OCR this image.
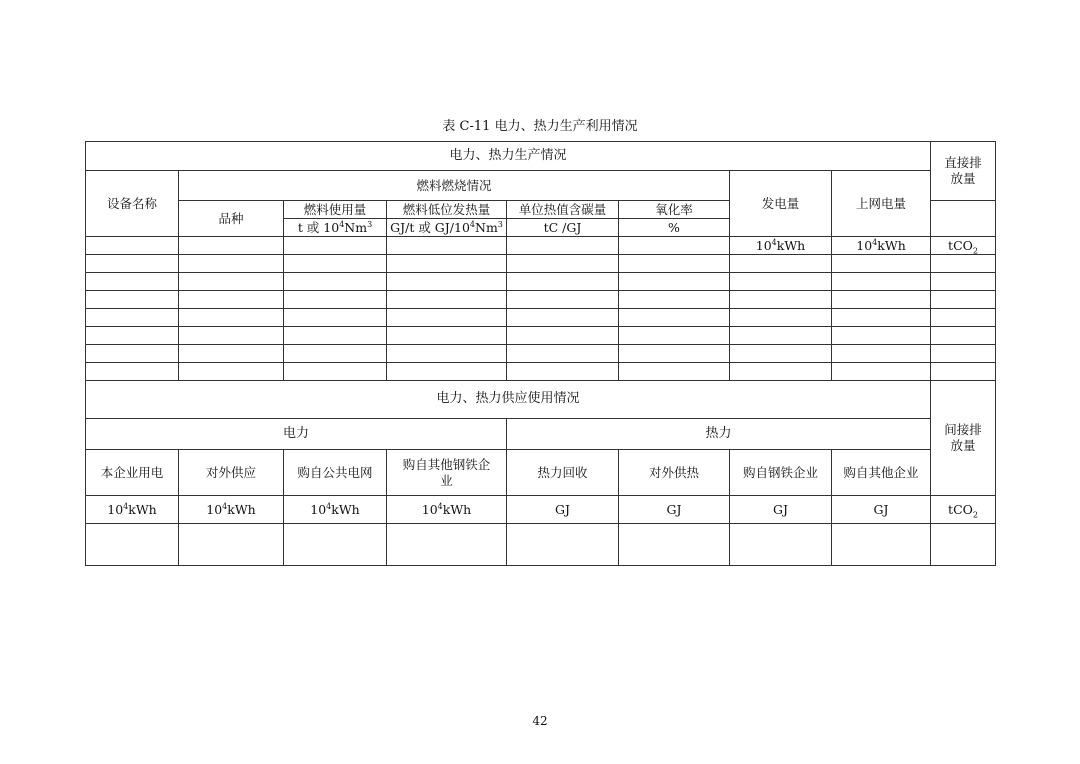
表 C-11 电力、热力生产利用情况
电力、热力生产情况								直接排放量
设备名称	燃料燃烧情况					发电量	上网电量	
	品种	燃料使用量	燃料低位发热量	单位热值含碳量	氧化率			
		t 或 $10^4Nm^3$	GJ/t 或 $GJ/10^4Nm^3$	tC /GJ	%			
						$10^4kWh$	$10^4kWh$	tCO$_2$

电力、热力供应使用情况								间接排放量
电力				热力				
本企业用电	对外供应	购自公共电网	购自其他钢铁企业	热力回收	对外供热	购自钢铁企业	购自其他企业	
$10^4kWh$	$10^4kWh$	$10^4kWh$	$10^4kWh$	GJ	GJ	GJ	GJ	tCO$_2$

42
